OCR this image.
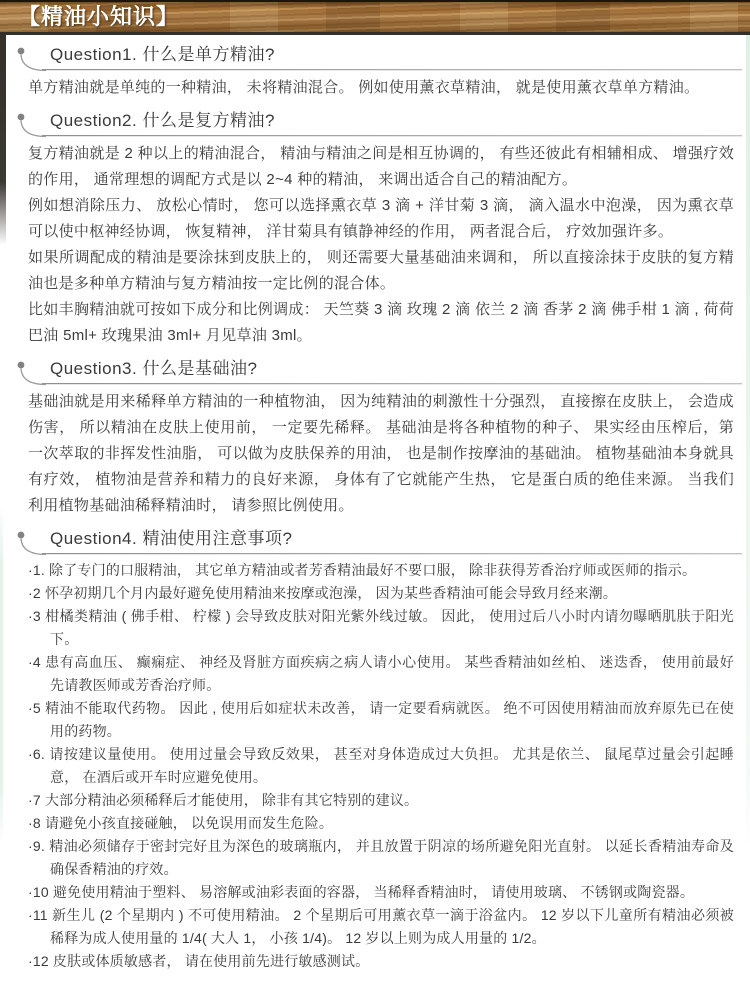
【精油小知识】
Question1. 什么是单方精油?

单方精油就是单纯的一种精油， 未将精油混合。 例如使用薰衣草精油， 就是使用薰衣草单方精油。

Question2. 什么是复方精油?

复方精油就是 2 种以上的精油混合， 精油与精油之间是相互协调的， 有些还彼此有相辅相成、 增强疗效的作用， 通常理想的调配方式是以 2~4 种的精油， 来调出适合自己的精油配方。

例如想消除压力、 放松心情时， 您可以选择熏衣草 3 滴 + 洋甘菊 3 滴， 滴入温水中泡澡， 因为熏衣草可以使中枢神经协调， 恢复精神， 洋甘菊具有镇静神经的作用， 两者混合后， 疗效加强许多。

如果所调配成的精油是要涂抹到皮肤上的， 则还需要大量基础油来调和， 所以直接涂抹于皮肤的复方精油也是多种单方精油与复方精油按一定比例的混合体。

比如丰胸精油就可按如下成分和比例调成： 天竺葵 3 滴 玫瑰 2 滴 依兰 2 滴 香茅 2 滴 佛手柑 1 滴 , 荷荷巴油 5ml+ 玫瑰果油 3ml+ 月见草油 3ml。

Question3. 什么是基础油?

基础油就是用来稀释单方精油的一种植物油， 因为纯精油的刺激性十分强烈， 直接擦在皮肤上， 会造成伤害， 所以精油在皮肤上使用前， 一定要先稀释。 基础油是将各种植物的种子、 果实经由压榨后，第一次萃取的非挥发性油脂， 可以做为皮肤保养的用油， 也是制作按摩油的基础油。 植物基础油本身就具有疗效， 植物油是营养和精力的良好来源， 身体有了它就能产生热， 它是蛋白质的绝佳来源。 当我们利用植物基础油稀释精油时， 请参照比例使用。

Question4. 精油使用注意事项?
·1. 除了专门的口服精油， 其它单方精油或者芳香精油最好不要口服， 除非获得芳香治疗师或医师的指示。
·2 怀孕初期几个月内最好避免使用精油来按摩或泡澡， 因为某些香精油可能会导致月经来潮。
·3 柑橘类精油 ( 佛手柑、 柠檬 ) 会导致皮肤对阳光紫外线过敏。 因此， 使用过后八小时内请勿曝晒肌肤于阳光下。
·4 患有高血压、 癫痫症、 神经及肾脏方面疾病之病人请小心使用。 某些香精油如丝柏、 迷迭香， 使用前最好 先请教医师或芳香治疗师。
·5 精油不能取代药物。 因此 , 使用后如症状未改善， 请一定要看病就医。 绝不可因使用精油而放弃原先已在使用的药物。
·6. 请按建议量使用。 使用过量会导致反效果， 甚至对身体造成过大负担。 尤其是依兰、 鼠尾草过量会引起睡意， 在酒后或开车时应避免使用。
·7 大部分精油必须稀释后才能使用， 除非有其它特别的建议。
·8 请避免小孩直接碰触， 以免误用而发生危险。
·9. 精油必须储存于密封完好且为深色的玻璃瓶内， 并且放置于阴凉的场所避免阳光直射。 以延长香精油寿命及确保香精油的疗效。
·10 避免使用精油于塑料、 易溶解或油彩表面的容器， 当稀释香精油时， 请使用玻璃、 不锈钢或陶瓷器。
·11 新生儿 (2 个星期内 ) 不可使用精油。 2 个星期后可用薰衣草一滴于浴盆内。 12 岁以下儿童所有精油必须被稀释为成人使用量的 1/4( 大人 1， 小孩 1/4)。 12 岁以上则为成人用量的 1/2。
·12 皮肤或体质敏感者， 请在使用前先进行敏感测试。
